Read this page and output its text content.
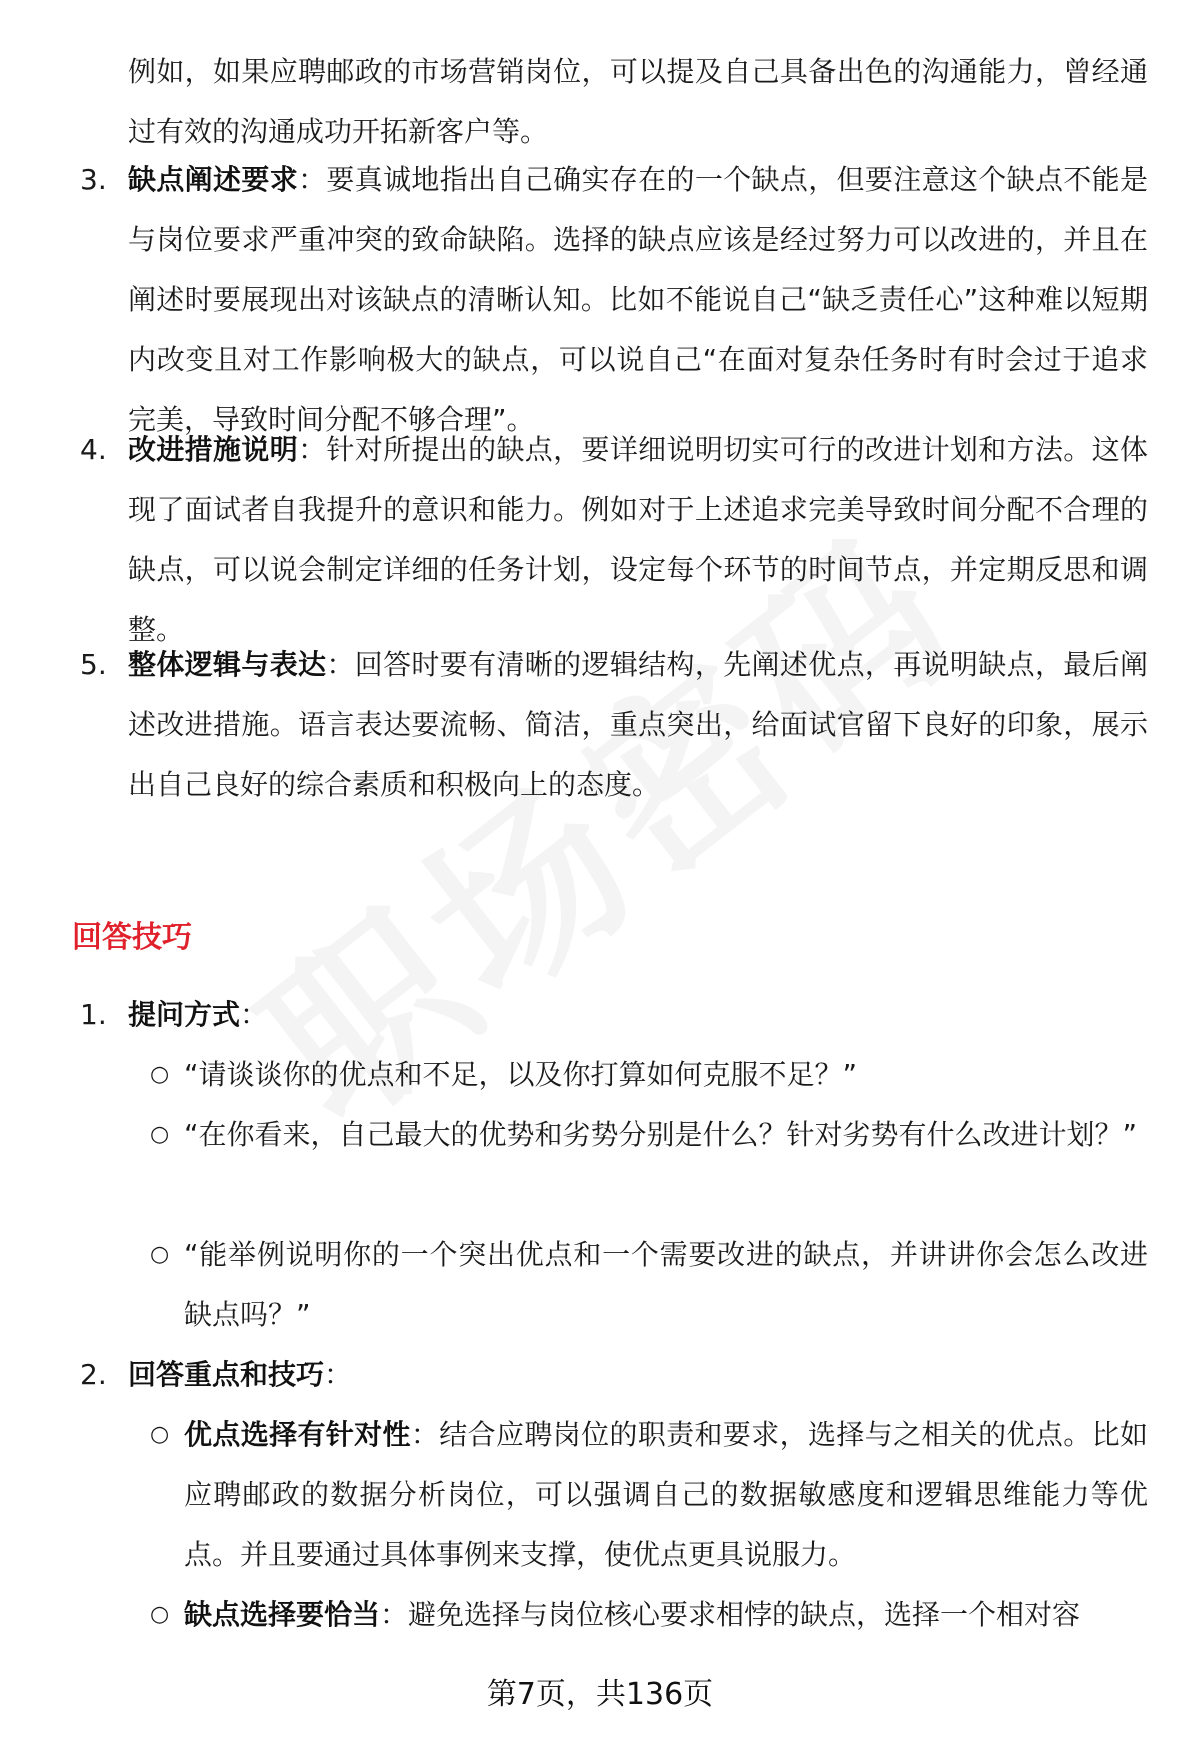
例如，如果应聘邮政的市场营销岗位，可以提及自己具备出色的沟通能力，曾经通过有效的沟通成功开拓新客户等。

3. 缺点阐述要求：要真诚地指出自己确实存在的一个缺点，但要注意这个缺点不能是与岗位要求严重冲突的致命缺陷。选择的缺点应该是经过努力可以改进的，并且在阐述时要展现出对该缺点的清晰认知。比如不能说自己“缺乏责任心”这种难以短期内改变且对工作影响极大的缺点，可以说自己“在面对复杂任务时有时会过于追求完美，导致时间分配不够合理”。

4. 改进措施说明：针对所提出的缺点，要详细说明切实可行的改进计划和方法。这体现了面试者自我提升的意识和能力。例如对于上述追求完美导致时间分配不合理的缺点，可以说会制定详细的任务计划，设定每个环节的时间节点，并定期反思和调整。

5. 整体逻辑与表达：回答时要有清晰的逻辑结构，先阐述优点，再说明缺点，最后阐述改进措施。语言表达要流畅、简洁，重点突出，给面试官留下良好的印象，展示出自己良好的综合素质和积极向上的态度。

回答技巧

1. 提问方式：

○ “请谈谈你的优点和不足，以及你打算如何克服不足？”

○ “在你看来，自己最大的优势和劣势分别是什么？针对劣势有什么改进计划？”

○ “能举例说明你的一个突出优点和一个需要改进的缺点，并讲讲你会怎么改进缺点吗？”

2. 回答重点和技巧：

○ 优点选择有针对性：结合应聘岗位的职责和要求，选择与之相关的优点。比如应聘邮政的数据分析岗位，可以强调自己的数据敏感度和逻辑思维能力等优点。并且要通过具体事例来支撑，使优点更具说服力。

○ 缺点选择要恰当：避免选择与岗位核心要求相悖的缺点，选择一个相对容

第7页，共136页
